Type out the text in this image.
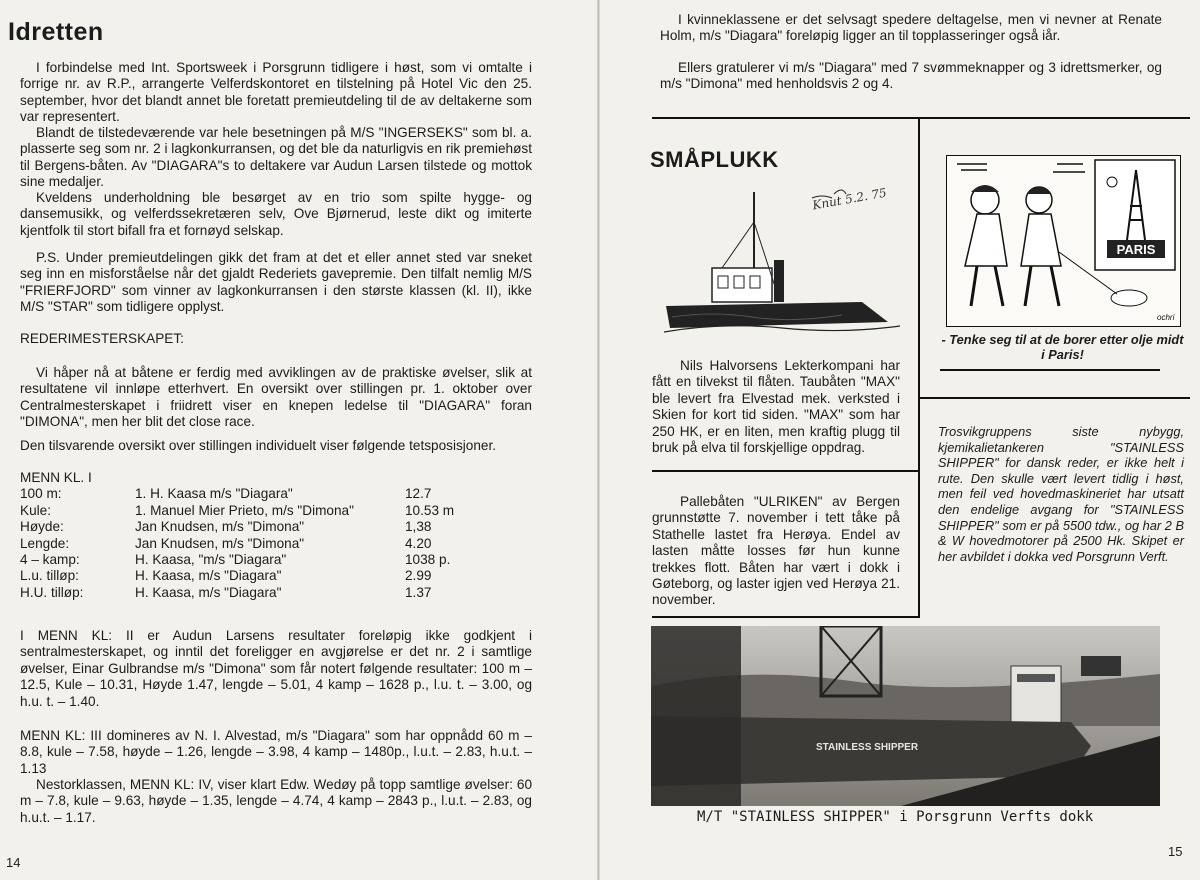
Idretten

I forbindelse med Int. Sportsweek i Porsgrunn tidligere i høst, som vi omtalte i forrige nr. av R.P., arrangerte Velferdskontoret en tilstelning på Hotel Vic den 25. september, hvor det blandt annet ble foretatt premieutdeling til de av deltakerne som var representert.

Blandt de tilstedeværende var hele besetningen på M/S "INGERSEKS" som bl. a. plasserte seg som nr. 2 i lagkonkurransen, og det ble da naturligvis en rik premiehøst til Bergens-båten. Av "DIAGARA"s to deltakere var Audun Larsen tilstede og mottok sine medaljer.

Kveldens underholdning ble besørget av en trio som spilte hygge- og dansemusikk, og velferdssekretæren selv, Ove Bjørnerud, leste dikt og imiterte kjentfolk til stort bifall fra et fornøyd selskap.

P.S. Under premieutdelingen gikk det fram at det et eller annet sted var sneket seg inn en misforståelse når det gjaldt Rederiets gavepremie. Den tilfalt nemlig M/S "FRIERFJORD" som vinner av lagkonkurransen i den største klassen (kl. II), ikke M/S "STAR" som tidligere opplyst.

REDERIMESTERSKAPET:

Vi håper nå at båtene er ferdig med avviklingen av de praktiske øvelser, slik at resultatene vil innløpe etterhvert. En oversikt over stillingen pr. 1. oktober over Centralmesterskapet i friidrett viser en knepen ledelse til "DIAGARA" foran "DIMONA", men her blit det close race.

Den tilsvarende oversikt over stillingen individuelt viser følgende tetsposisjoner.

MENN KL. I
100 m:	1. H. Kaasa m/s "Diagara"	12.7
Kule:	1. Manuel Mier Prieto, m/s "Dimona"	10.53 m
Høyde:	Jan Knudsen, m/s "Dimona"	1,38
Lengde:	Jan Knudsen, m/s "Dimona"	4.20
4 – kamp:	H. Kaasa, "m/s "Diagara"	1038 p.
L.u. tilløp:	H. Kaasa, m/s "Diagara"	2.99
H.U. tilløp:	H. Kaasa, m/s "Diagara"	1.37

I MENN KL: II er Audun Larsens resultater foreløpig ikke godkjent i sentralmesterskapet, og inntil det foreligger en avgjørelse er det nr. 2 i samtlige øvelser, Einar Gulbrandse m/s "Dimona" som får notert følgende resultater: 100 m – 12.5, Kule – 10.31, Høyde 1.47, lengde – 5.01, 4 kamp – 1628 p., l.u. t. – 3.00, og h.u. t. – 1.40.

MENN KL: III domineres av N. I. Alvestad, m/s "Diagara" som har oppnådd 60 m – 8.8, kule – 7.58, høyde – 1.26, lengde – 3.98, 4 kamp – 1480p., l.u.t. – 2.83, h.u.t. – 1.13

Nestorklassen, MENN KL: IV, viser klart Edw. Wedøy på topp samtlige øvelser: 60 m – 7.8, kule – 9.63, høyde – 1.35, lengde – 4.74, 4 kamp – 2843 p., l.u.t. – 2.83, og h.u.t. – 1.17.

14

I kvinneklassene er det selvsagt spedere deltagelse, men vi nevner at Renate Holm, m/s "Diagara" foreløpig ligger an til topplasseringer også iår.

Ellers gratulerer vi m/s "Diagara" med 7 svømmeknapper og 3 idrettsmerker, og m/s "Dimona" med henholdsvis 2 og 4.

SMÅPLUKK
Knut 5.2. 75

Nils Halvorsens Lekterkompani har fått en tilvekst til flåten. Taubåten "MAX" ble levert fra Elvestad mek. verksted i Skien for kort tid siden. "MAX" som har 250 HK, er en liten, men kraftig plugg til bruk på elva til forskjellige oppdrag.

Pallebåten "ULRIKEN" av Bergen grunnstøtte 7. november i tett tåke på Stathelle lastet fra Herøya. Endel av lasten måtte losses før hun kunne trekkes flott. Båten har vært i dokk i Gøteborg, og laster igjen ved Herøya 21. november.

PARIS
ochri
- Tenke seg til at de borer etter olje midt i Paris!
Trosvikgruppens siste nybygg, kjemikalietankeren "STAINLESS SHIPPER" for dansk reder, er ikke helt i rute. Den skulle vært levert tidlig i høst, men feil ved hovedmaskineriet har utsatt den endelige avgang for "STAINLESS SHIPPER" som er på 5500 tdw., og har 2 B & W hovedmotorer på 2500 Hk. Skipet er her avbildet i dokka ved Porsgrunn Verft.
STAINLESS SHIPPER
M/T "STAINLESS SHIPPER" i Porsgrunn Verfts dokk
15
